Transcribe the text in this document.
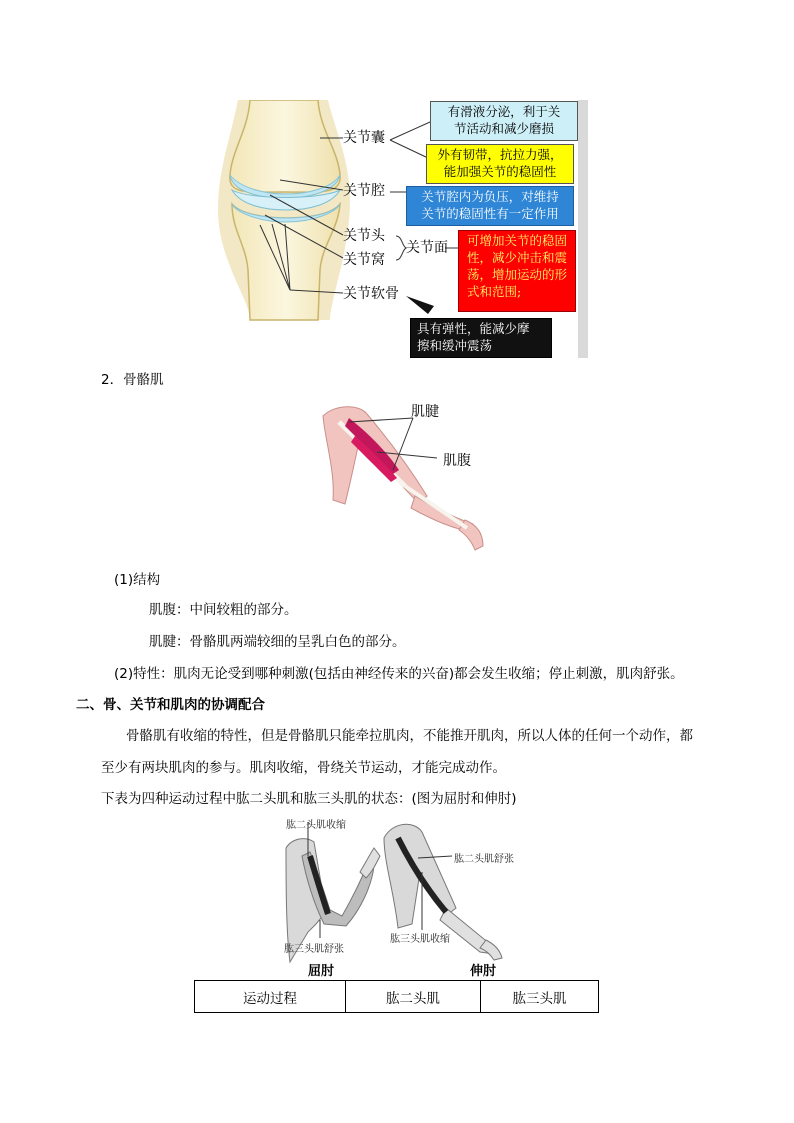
关节囊
关节腔
关节头
关节窝
关节面
关节软骨
有滑液分泌，利于关
节活动和减少磨损
外有韧带，抗拉力强，
能加强关节的稳固性
关节腔内为负压，对维持
关节的稳固性有一定作用
可增加关节的稳固
性，减少冲击和震
荡，增加运动的形
式和范围;
具有弹性，能减少摩
擦和缓冲震荡
2．骨骼肌
肌腱
肌腹
(1)结构
肌腹：中间较粗的部分。
肌腱：骨骼肌两端较细的呈乳白色的部分。
(2)特性：肌肉无论受到哪种刺激(包括由神经传来的兴奋)都会发生收缩；停止刺激，肌肉舒张。
二、骨、关节和肌肉的协调配合
骨骼肌有收缩的特性，但是骨骼肌只能牵拉肌肉，不能推开肌肉，所以人体的任何一个动作，都
至少有两块肌肉的参与。肌肉收缩，骨绕关节运动，才能完成动作。
下表为四种运动过程中肱二头肌和肱三头肌的状态：(图为屈肘和伸肘)
肱二头肌收缩
肱三头肌舒张
肱二头肌舒张
肱三头肌收缩
屈肘	伸肘
运动过程	肱二头肌	肱三头肌
